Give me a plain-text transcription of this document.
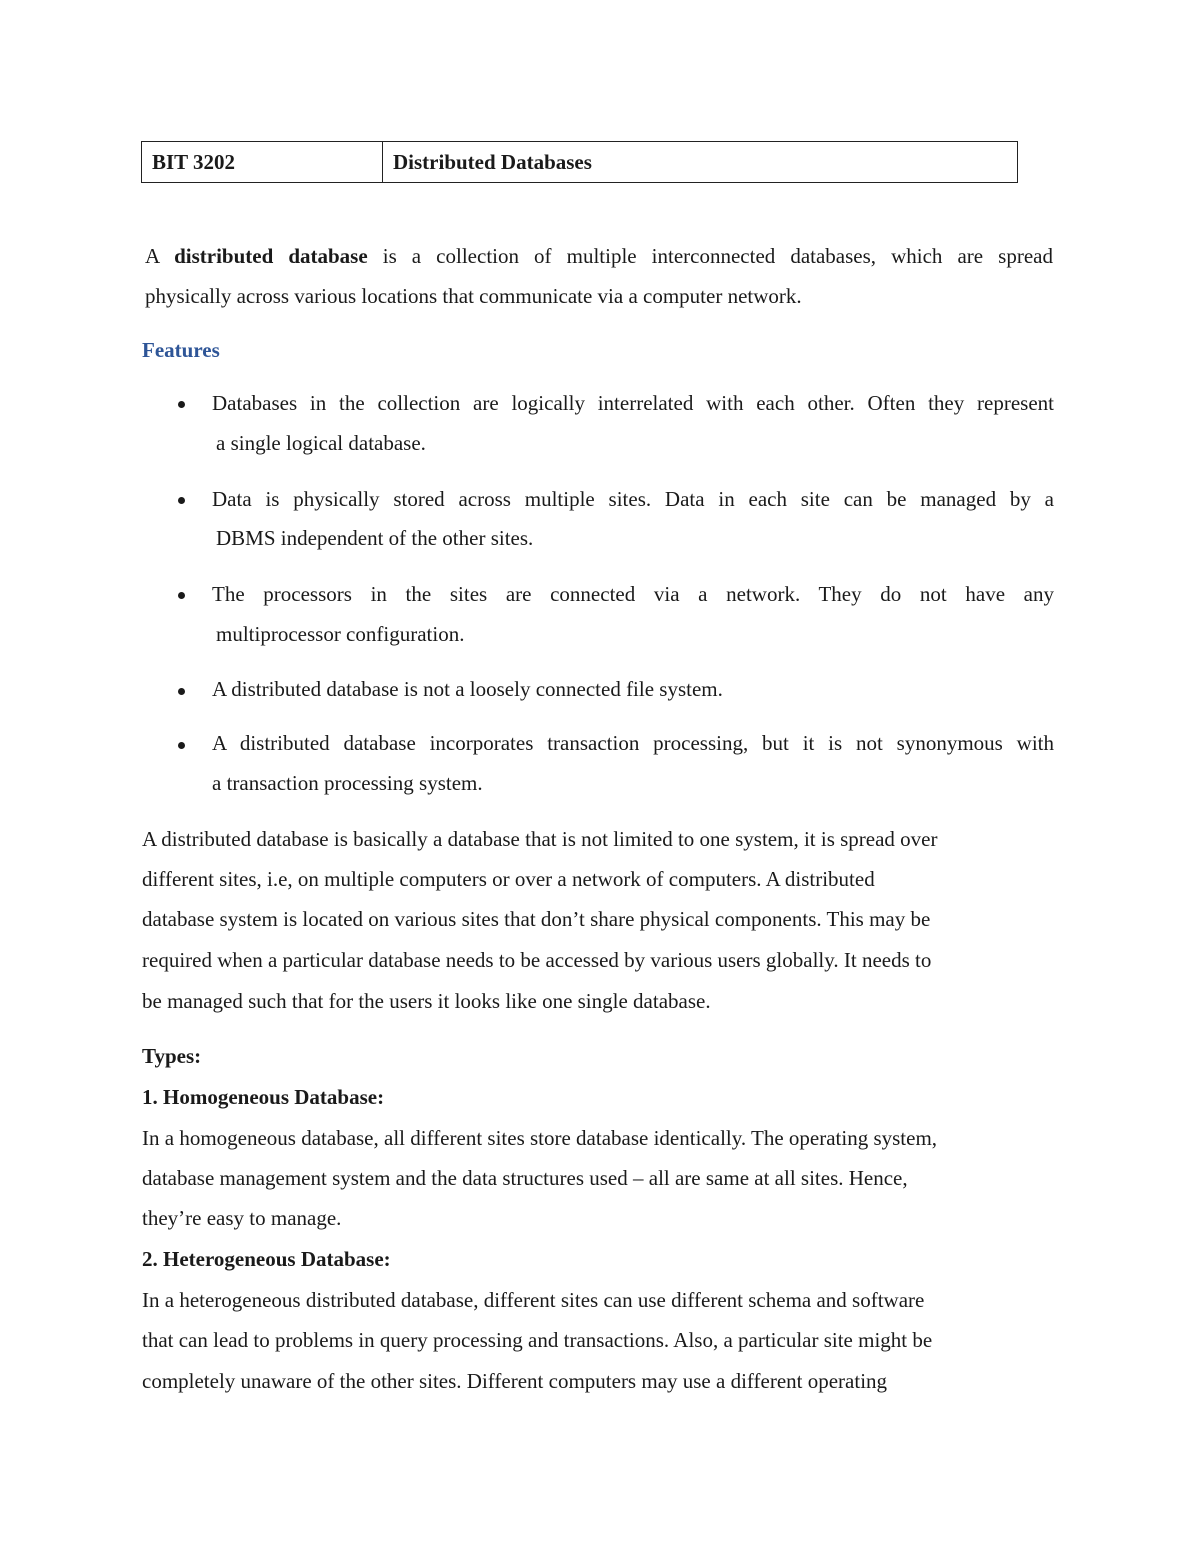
BIT 3202	Distributed Databases
A distributed database is a collection of multiple interconnected databases, which are spread
physically across various locations that communicate via a computer network.
Features
Databases in the collection are logically interrelated with each other. Often they represent
a single logical database.
Data is physically stored across multiple sites. Data in each site can be managed by a
DBMS independent of the other sites.
The processors in the sites are connected via a network. They do not have any
multiprocessor configuration.
A distributed database is not a loosely connected file system.
A distributed database incorporates transaction processing, but it is not synonymous with
a transaction processing system.
A distributed database is basically a database that is not limited to one system, it is spread over
different sites, i.e, on multiple computers or over a network of computers. A distributed
database system is located on various sites that don’t share physical components. This may be
required when a particular database needs to be accessed by various users globally. It needs to
be managed such that for the users it looks like one single database.
Types:
1. Homogeneous Database:
In a homogeneous database, all different sites store database identically. The operating system,
database management system and the data structures used – all are same at all sites. Hence,
they’re easy to manage.
2. Heterogeneous Database:
In a heterogeneous distributed database, different sites can use different schema and software
that can lead to problems in query processing and transactions. Also, a particular site might be
completely unaware of the other sites. Different computers may use a different operating
